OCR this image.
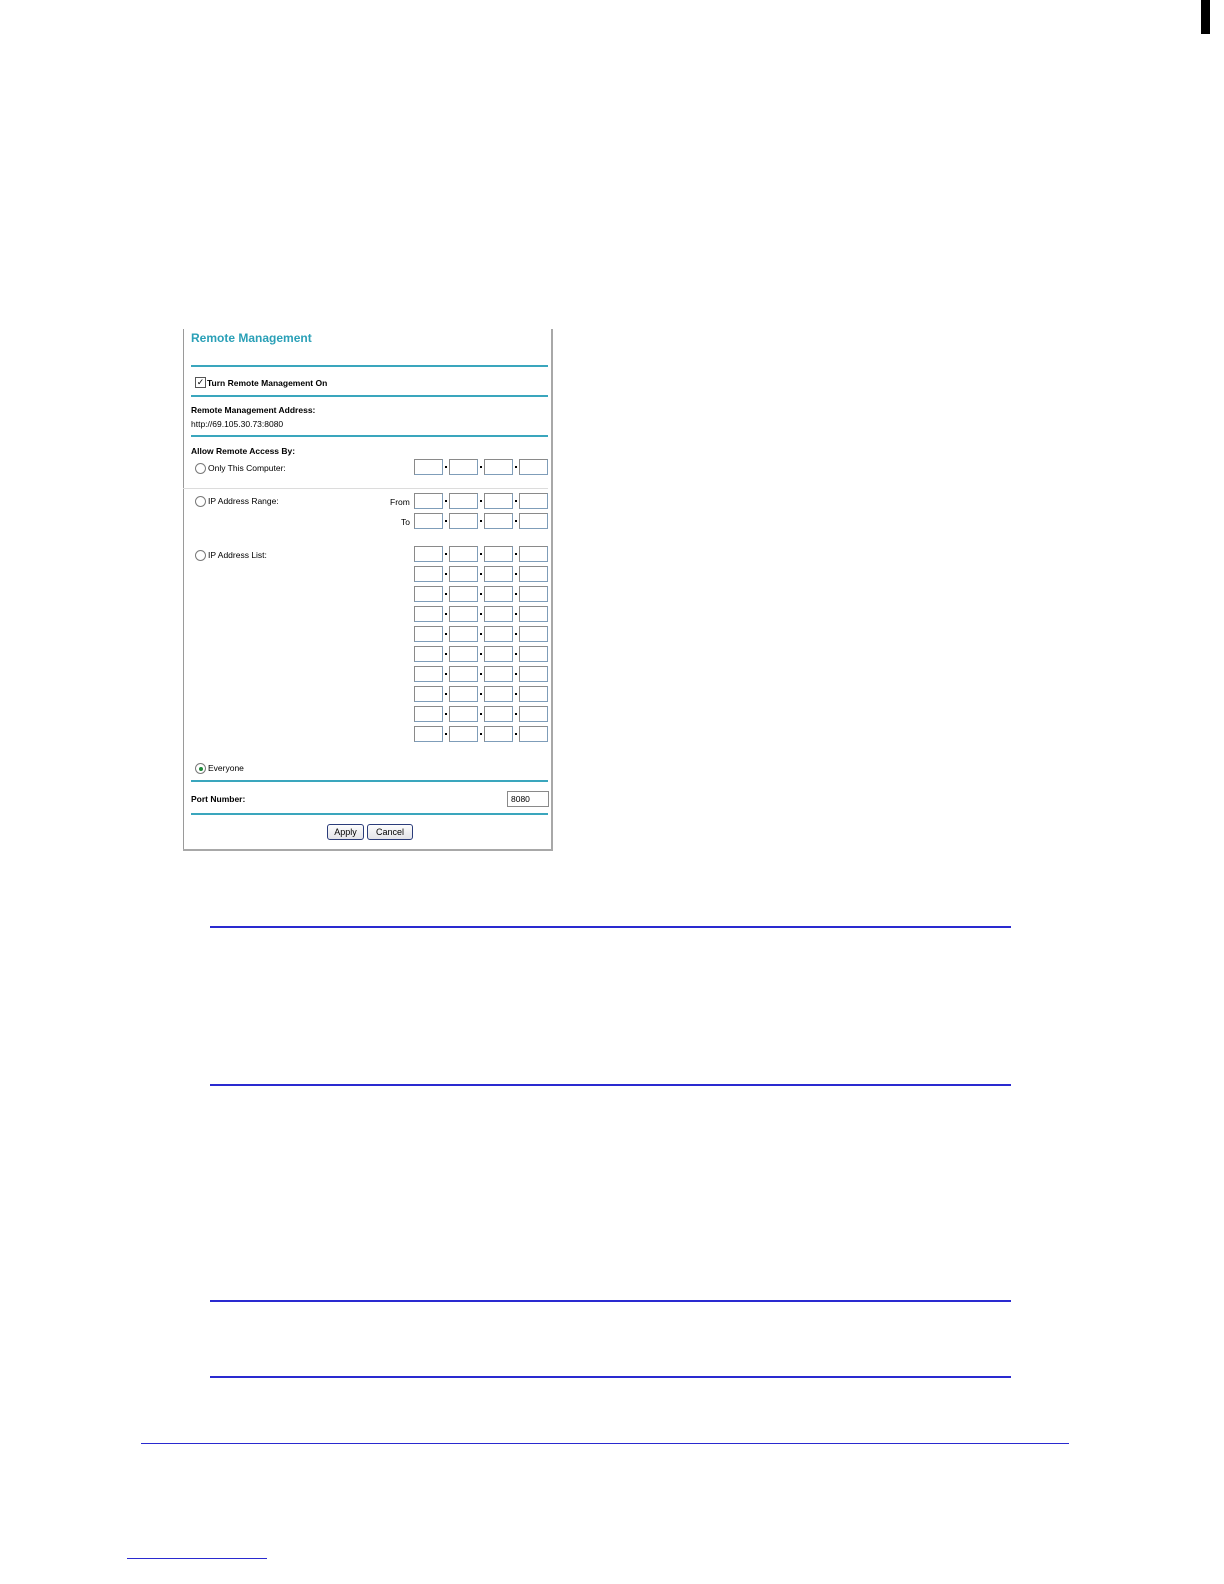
Remote Management
✓ Turn Remote Management On
Remote Management Address:
http://69.105.30.73:8080
Allow Remote Access By:
Only This Computer:
IP Address Range:	From
To
IP Address List:
Everyone
Port Number:	8080
Apply	Cancel
